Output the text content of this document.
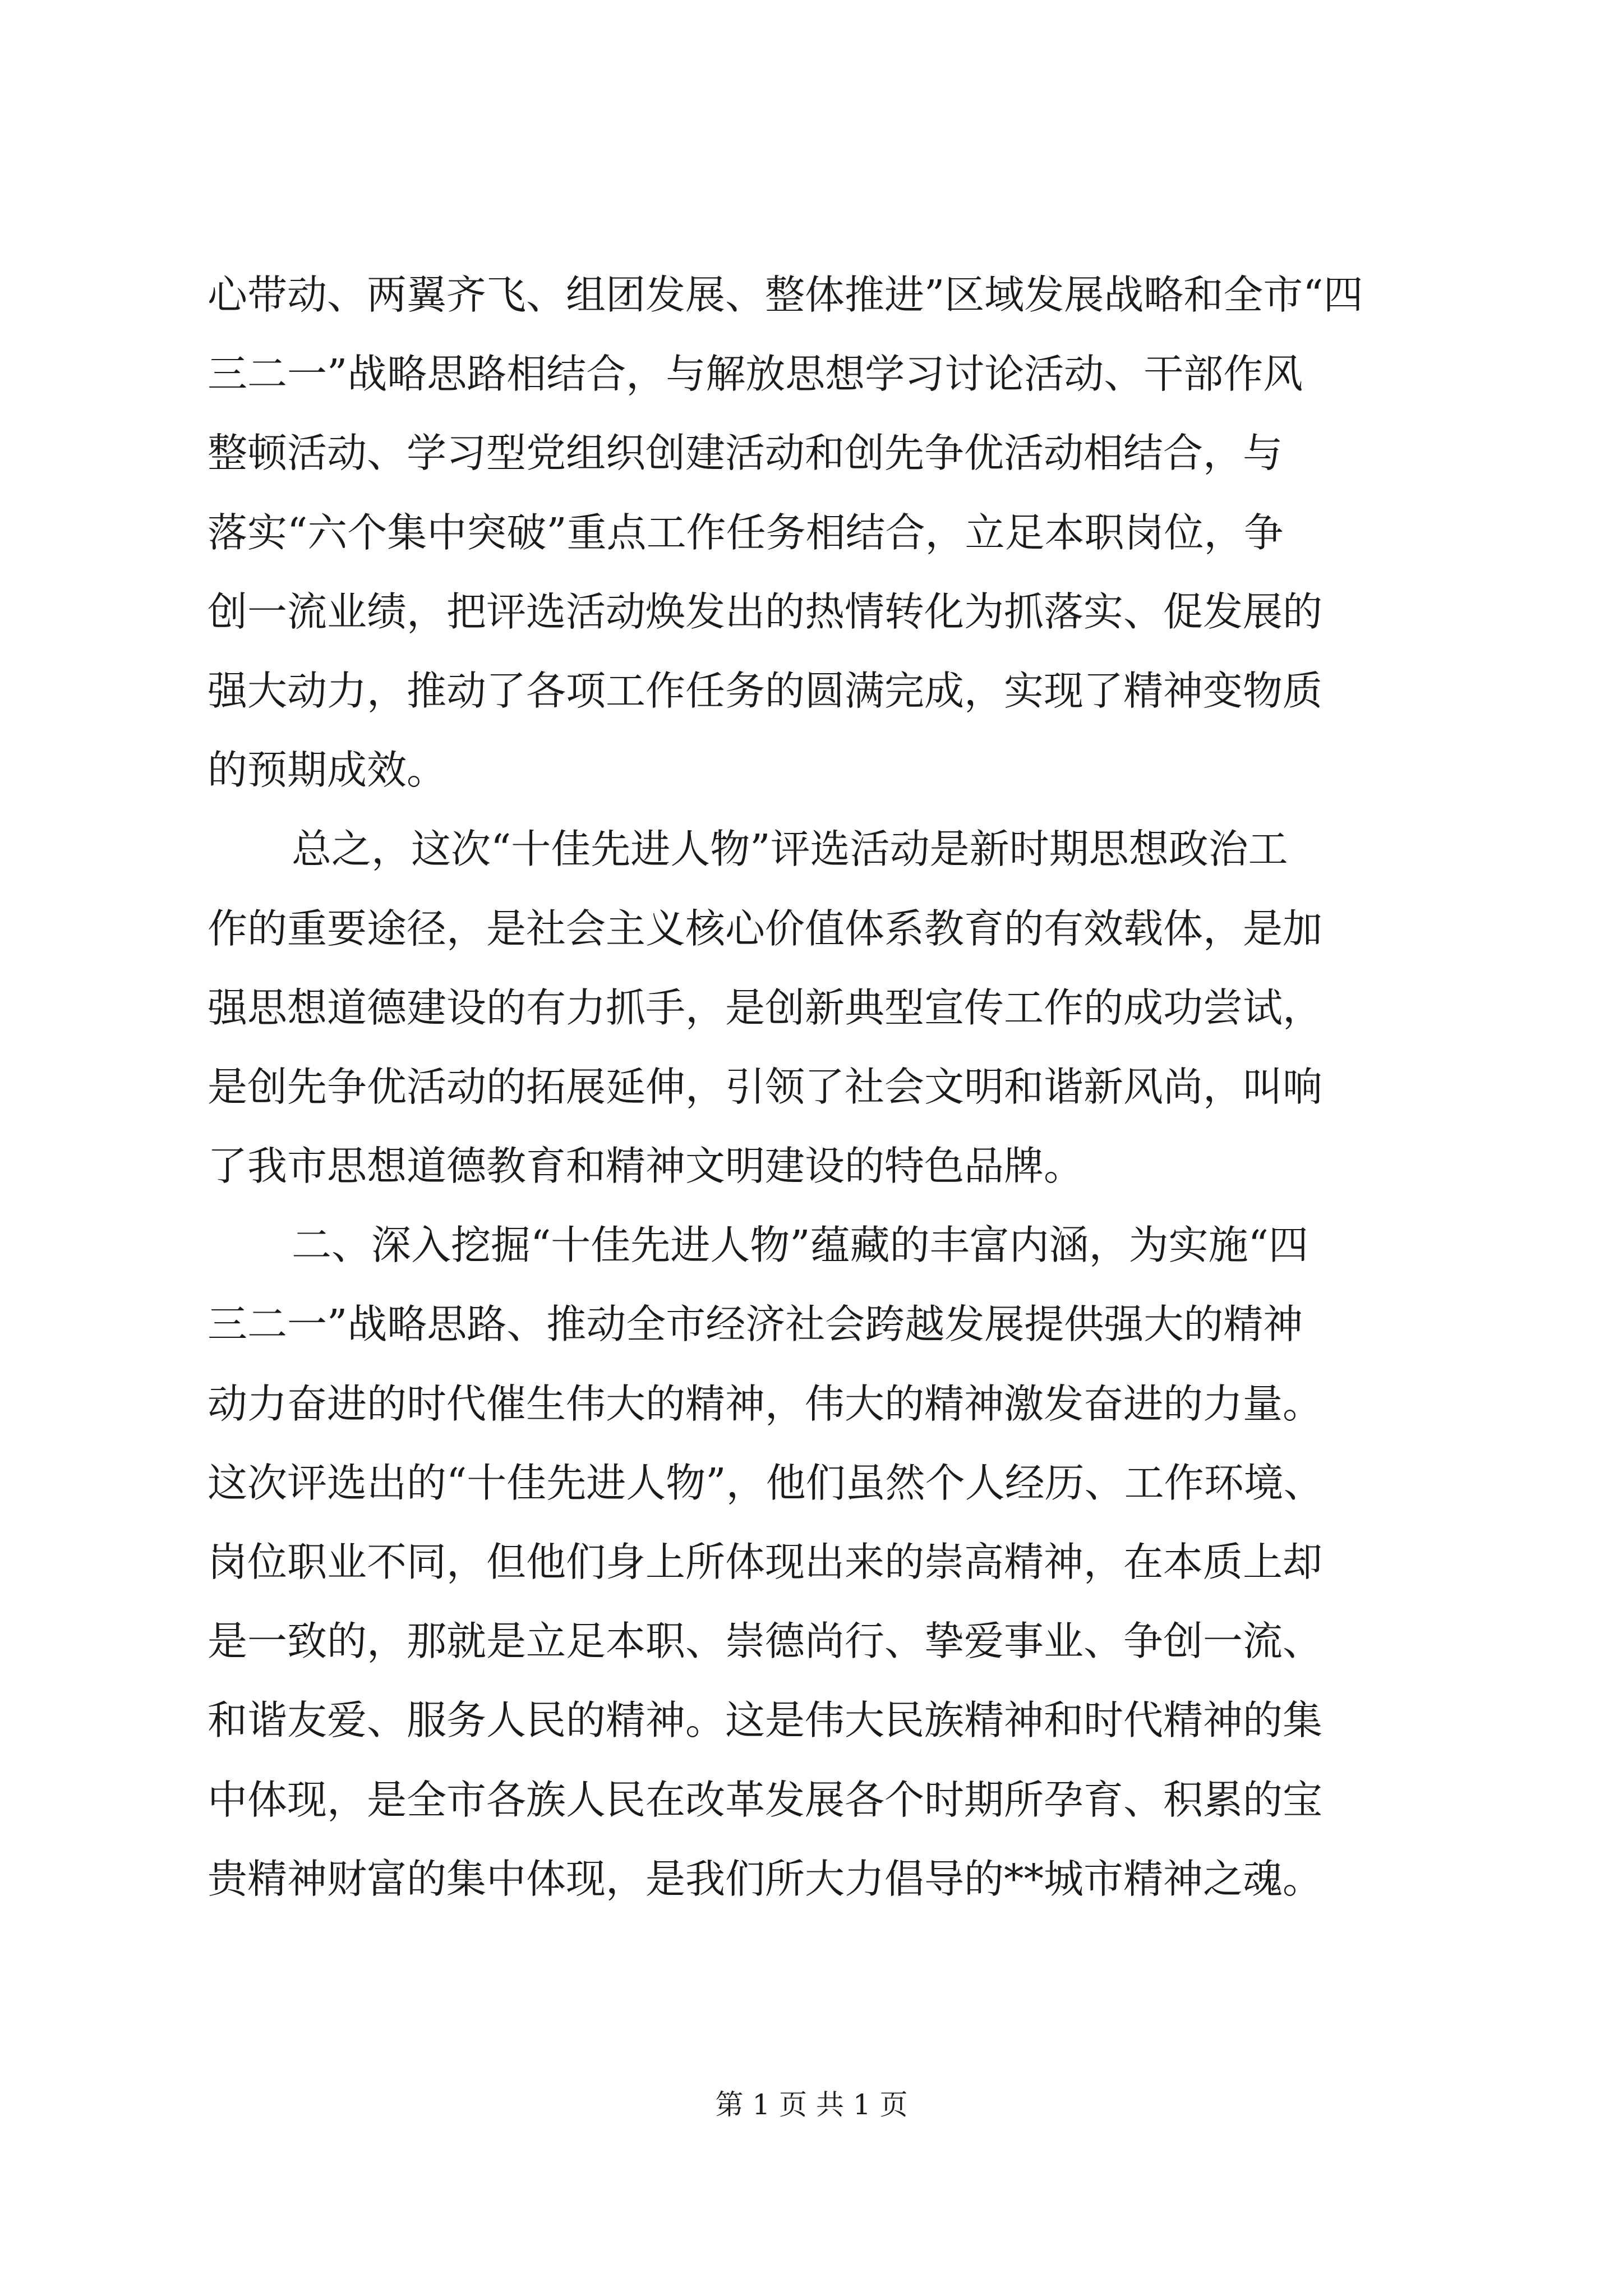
心带动、两翼齐飞、组团发展、整体推进”区域发展战略和全市“四
三二一”战略思路相结合，与解放思想学习讨论活动、干部作风
整顿活动、学习型党组织创建活动和创先争优活动相结合，与
落实“六个集中突破”重点工作任务相结合，立足本职岗位，争
创一流业绩，把评选活动焕发出的热情转化为抓落实、促发展的
强大动力，推动了各项工作任务的圆满完成，实现了精神变物质
的预期成效。

总之，这次“十佳先进人物”评选活动是新时期思想政治工
作的重要途径，是社会主义核心价值体系教育的有效载体，是加
强思想道德建设的有力抓手，是创新典型宣传工作的成功尝试，
是创先争优活动的拓展延伸，引领了社会文明和谐新风尚，叫响
了我市思想道德教育和精神文明建设的特色品牌。

二、深入挖掘“十佳先进人物”蕴藏的丰富内涵，为实施“四
三二一”战略思路、推动全市经济社会跨越发展提供强大的精神
动力奋进的时代催生伟大的精神，伟大的精神激发奋进的力量。
这次评选出的“十佳先进人物”，他们虽然个人经历、工作环境、
岗位职业不同，但他们身上所体现出来的崇高精神，在本质上却
是一致的，那就是立足本职、崇德尚行、挚爱事业、争创一流、
和谐友爱、服务人民的精神。这是伟大民族精神和时代精神的集
中体现，是全市各族人民在改革发展各个时期所孕育、积累的宝
贵精神财富的集中体现，是我们所大力倡导的**城市精神之魂。

第 1 页 共 1 页
